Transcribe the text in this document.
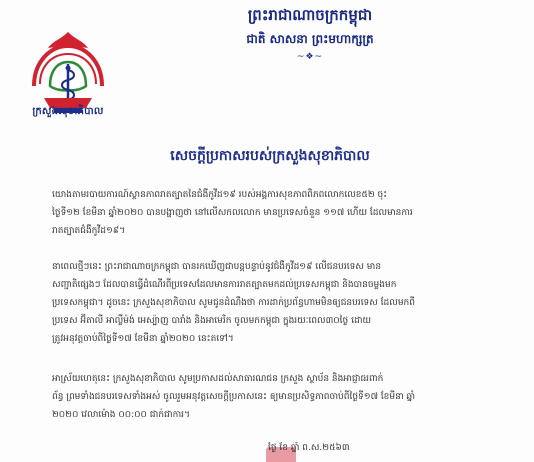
ក្រសួងសុខាភិបាល
ព្រះរាជាណាចក្រកម្ពុជា
ជាតិ សាសនា ព្រះមហាក្សត្រ
~❖~
សេចក្តីប្រកាសរបស់ក្រសួងសុខាភិបាល
យោងតាមរបាយការណ៍ស្ថានភាពរាតត្បាតនៃជំងឺកូវីដ១៩ របស់អង្គការសុខភាពពិភពលោកលេខ៥២ ចុះ
ថ្ងៃទី១២ ខែមីនា ឆ្នាំ២០២០ បានបង្ហាញថា នៅលើសកលលោក មានប្រទេសចំនួន ១១៧ ហើយ ដែលមានការ
រាតត្បាតជំងឺកូវីដ១៩។
នាពេលថ្មីៗនេះ ព្រះរាជាណាចក្រកម្ពុជា បានរកឃើញជាបន្តបន្ទាប់នូវជំងឺកូវីដ១៩ លើជនបរទេស មាន
សញ្ជាតិផ្សេងៗ ដែលបានធ្វើដំណើរពីប្រទេសដែលមានការរាតត្បាតមកដល់ប្រទេសកម្ពុជា និងបានចម្លងមក
ប្រទេសកម្ពុជា។ ដូចនេះ ក្រសួងសុខាភិបាល សូមជូនដំណឹងថា ការដាក់ប្រព័ន្ធហាមមិនឲ្យជនបរទេស ដែលមកពី
ប្រទេស អ៊ីតាលី អាល្លឺម៉ង់ អេស្ប៉ាញ បារាំង និងអាមេរិក ចូលមកកម្ពុជា ក្នុងរយៈពេល៣០ថ្ងៃ ដោយ
ត្រូវអនុវត្តចាប់ពីថ្ងៃទី១៧ ខែមីនា ឆ្នាំ២០២០ នេះតទៅ។
អាស្រ័យហេតុនេះ ក្រសួងសុខាភិបាល សូមប្រកាសដល់សាធារណជន ក្រសួង ស្ថាប័ន និងអាជ្ញាធរពាក់
ព័ន្ធ ព្រមទាំងជនបរទេសទាំងអស់ ចូលរួមអនុវត្តសេចក្តីប្រកាសនេះ ឲ្យមានប្រសិទ្ធភាពចាប់ពីថ្ងៃទី១៧ ខែមីនា ឆ្នាំ
២០២០ វេលាម៉ោង ០០:០០ ជាក់ជាការ។
ថ្ងៃ ខែ ឆ្នាំ ព.ស.២៥៦៣
